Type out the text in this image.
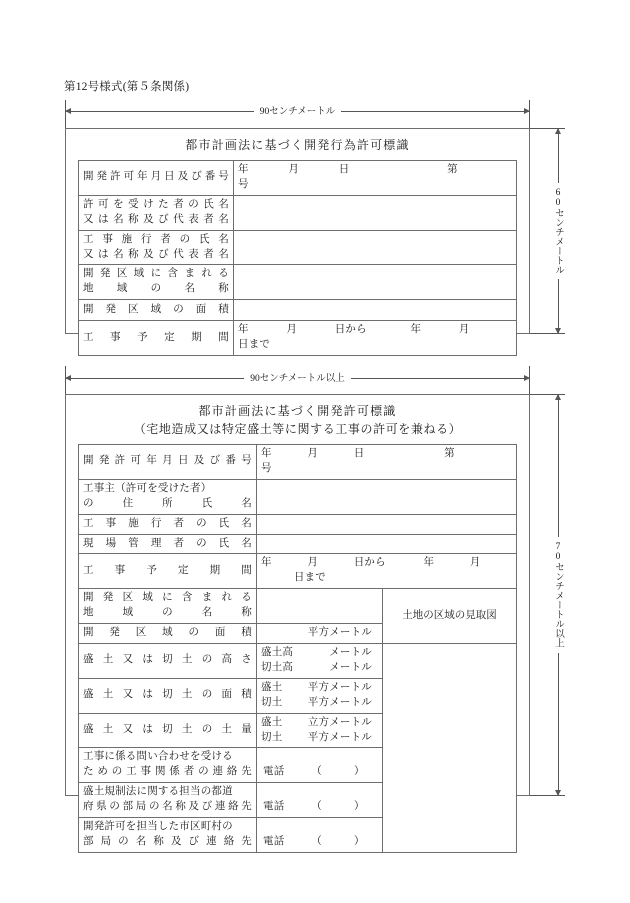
第12号様式(第５条関係)
90センチメートル
60センチメートル
都市計画法に基づく開発行為許可標識
開発許可年月日及び番号	年 月 日 第  号

許可を受けた者の氏名
又は名称及び代表者名	

工事施行者の氏名
又は名称及び代表者名	

開発区域に含まれる
地域の名称	

開発区域の面積	

工事予定期間	年 月 日から 年 月  日まで
90センチメートル以上
70センチメートル以上
都市計画法に基づく開発許可標識
（宅地造成又は特定盛土等に関する工事の許可を兼ねる）
開発許可年月日及び番号	年 月 日 第  号	

工事主（許可を受けた者）
の住所氏名		

工事施行者の氏名		

現場管理者の氏名		

工事予定期間	年 月 日から 年 月  日まで	

開発区域に含まれる
地域の名称		土地の区域の見取図

開発区域の面積	平方メートル	

盛土又は切土の高さ	盛土高 メートル
切土高 メートル	

盛土又は切土の面積	盛土 平方メートル
切土 平方メートル	

盛土又は切土の土量	盛土 立方メートル
切土 平方メートル	

工事に係る問い合わせを受ける
ための工事関係者の連絡先	電話　　　（　　　）	

盛土規制法に関する担当の都道
府県の部局の名称及び連絡先	電話　　　（　　　）	

開発許可を担当した市区町村の
部局の名称及び連絡先	電話　　　（　　　）	
